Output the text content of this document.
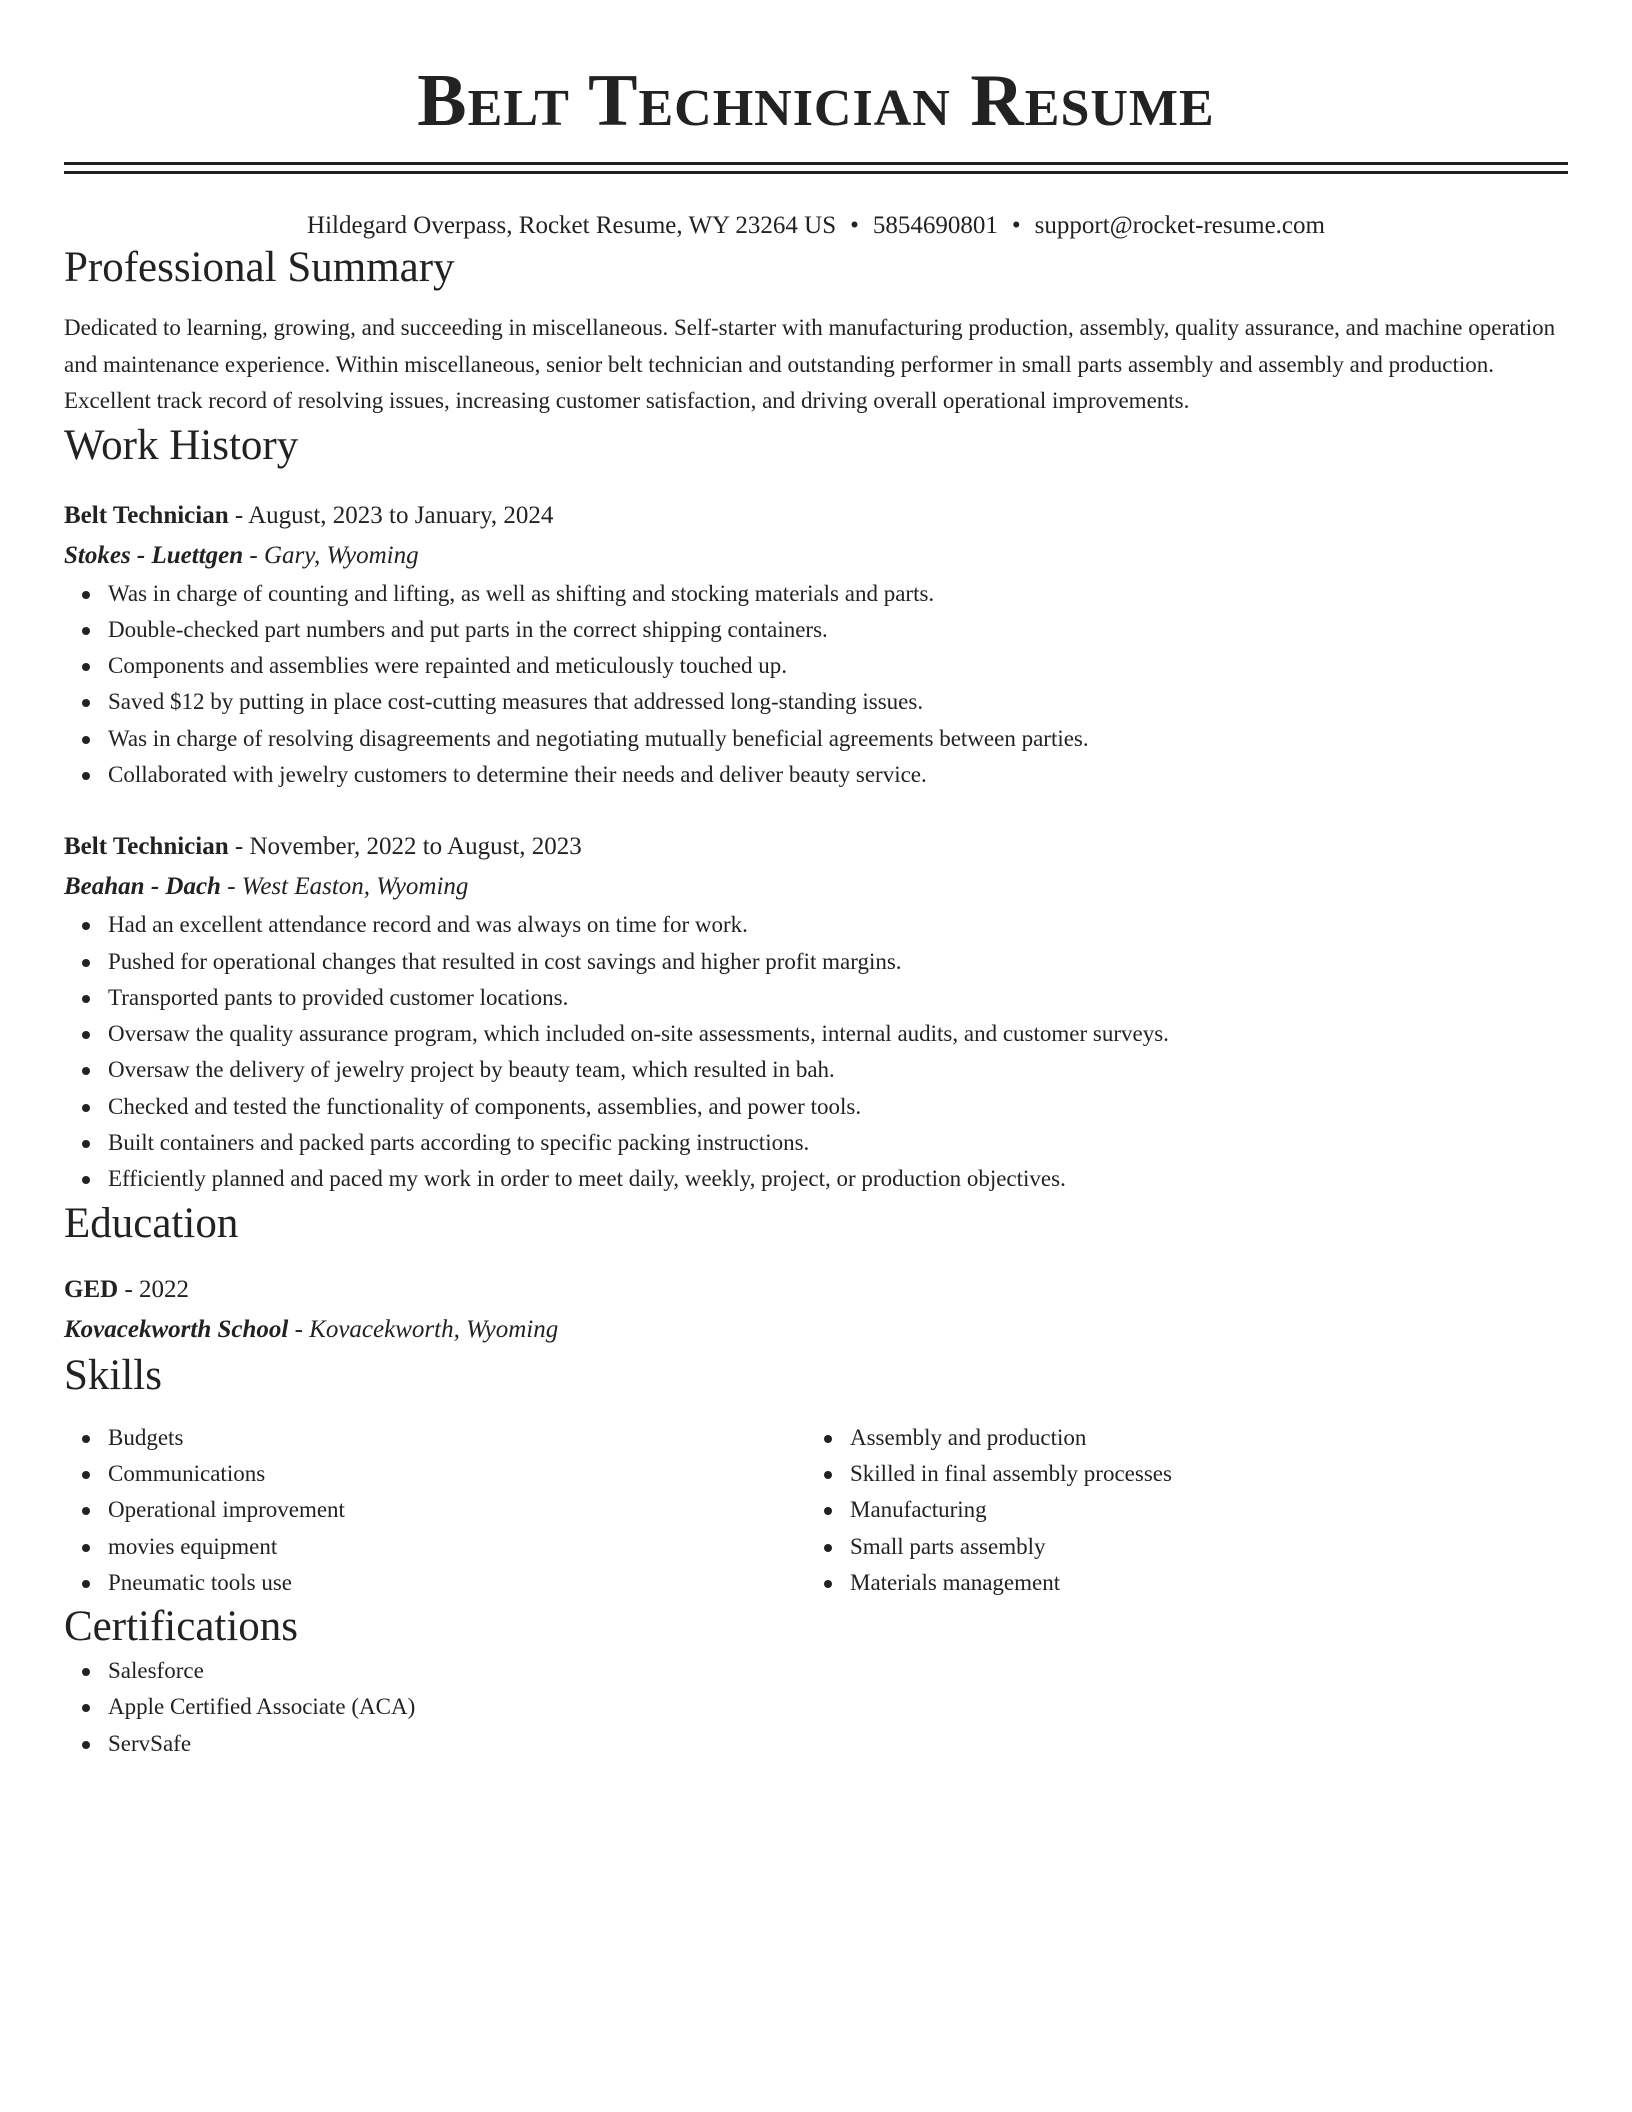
Belt Technician Resume
Hildegard Overpass, Rocket Resume, WY 23264 US • 5854690801 • support@rocket-resume.com
Professional Summary

Dedicated to learning, growing, and succeeding in miscellaneous. Self-starter with manufacturing production, assembly, quality assurance, and machine operation and maintenance experience. Within miscellaneous, senior belt technician and outstanding performer in small parts assembly and assembly and production. Excellent track record of resolving issues, increasing customer satisfaction, and driving overall operational improvements.

Work History
Belt Technician - August, 2023 to January, 2024
Stokes - Luettgen - Gary, Wyoming
Was in charge of counting and lifting, as well as shifting and stocking materials and parts.
Double-checked part numbers and put parts in the correct shipping containers.
Components and assemblies were repainted and meticulously touched up.
Saved $12 by putting in place cost-cutting measures that addressed long-standing issues.
Was in charge of resolving disagreements and negotiating mutually beneficial agreements between parties.
Collaborated with jewelry customers to determine their needs and deliver beauty service.
Belt Technician - November, 2022 to August, 2023
Beahan - Dach - West Easton, Wyoming
Had an excellent attendance record and was always on time for work.
Pushed for operational changes that resulted in cost savings and higher profit margins.
Transported pants to provided customer locations.
Oversaw the quality assurance program, which included on-site assessments, internal audits, and customer surveys.
Oversaw the delivery of jewelry project by beauty team, which resulted in bah.
Checked and tested the functionality of components, assemblies, and power tools.
Built containers and packed parts according to specific packing instructions.
Efficiently planned and paced my work in order to meet daily, weekly, project, or production objectives.
Education
GED - 2022
Kovacekworth School - Kovacekworth, Wyoming
Skills
Budgets
Communications
Operational improvement
movies equipment
Pneumatic tools use
Assembly and production
Skilled in final assembly processes
Manufacturing
Small parts assembly
Materials management
Certifications
Salesforce
Apple Certified Associate (ACA)
ServSafe
